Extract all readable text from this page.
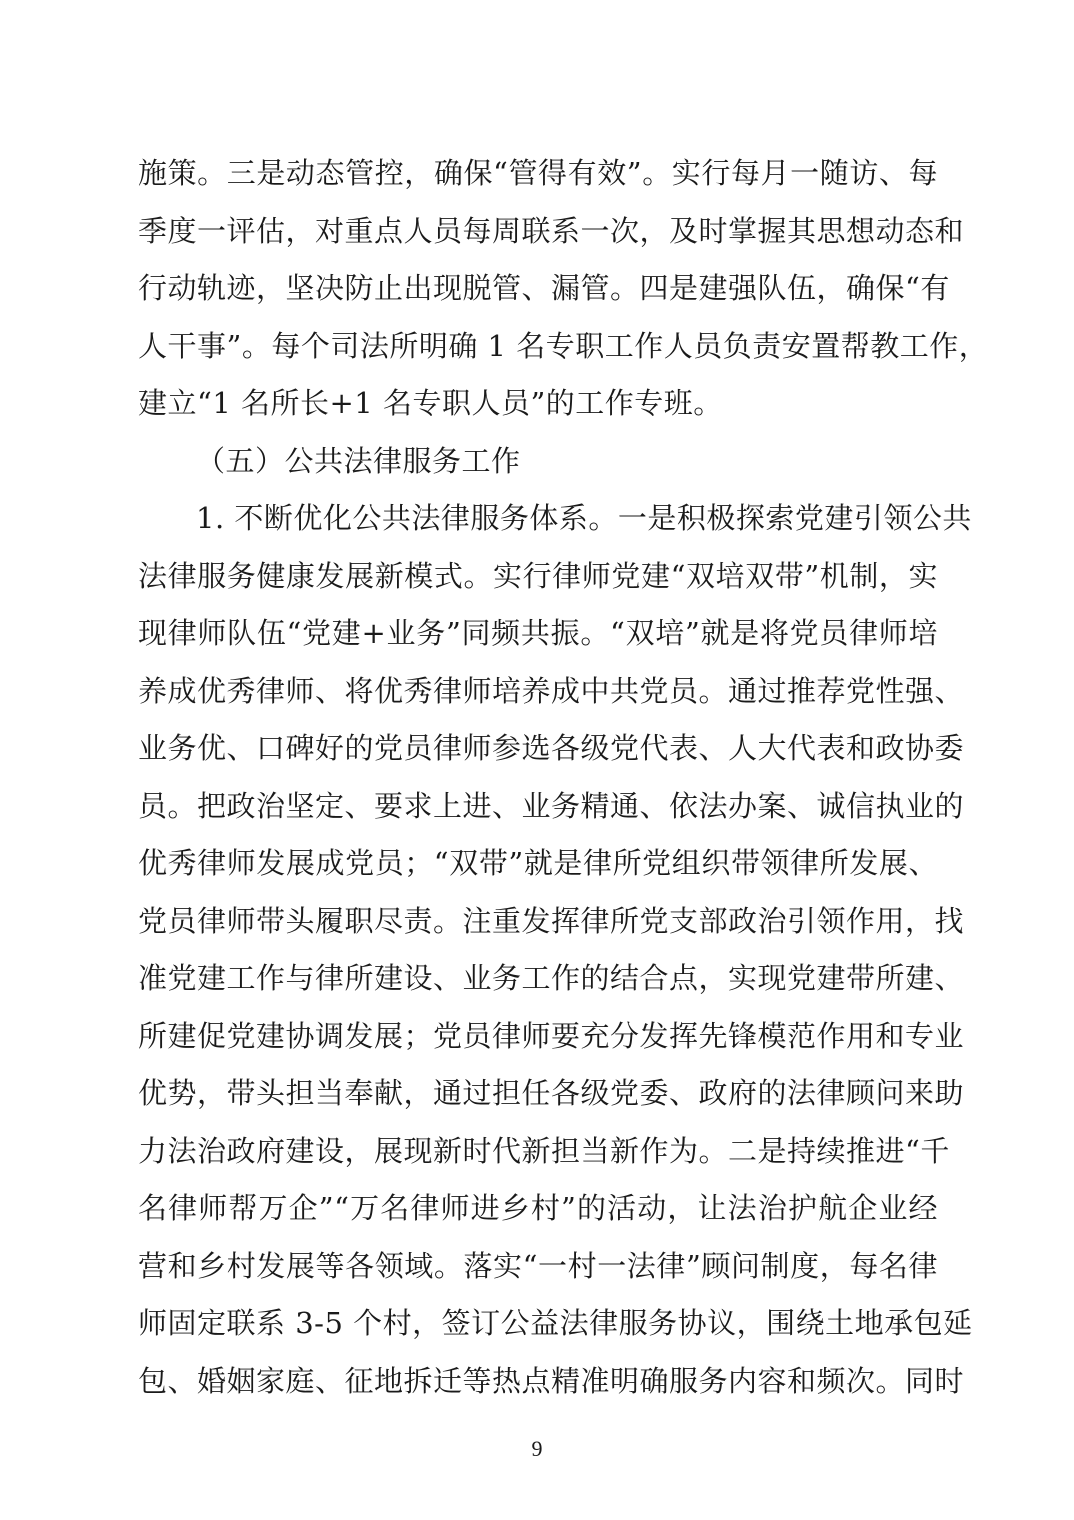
施策。三是动态管控，确保“管得有效”。实行每月一随访、每
季度一评估，对重点人员每周联系一次，及时掌握其思想动态和
行动轨迹，坚决防止出现脱管、漏管。四是建强队伍，确保“有
人干事”。每个司法所明确 1 名专职工作人员负责安置帮教工作，
建立“1 名所长+1 名专职人员”的工作专班。
（五）公共法律服务工作
1. 不断优化公共法律服务体系。一是积极探索党建引领公共
法律服务健康发展新模式。实行律师党建“双培双带”机制，实
现律师队伍“党建+业务”同频共振。“双培”就是将党员律师培
养成优秀律师、将优秀律师培养成中共党员。通过推荐党性强、
业务优、口碑好的党员律师参选各级党代表、人大代表和政协委
员。把政治坚定、要求上进、业务精通、依法办案、诚信执业的
优秀律师发展成党员；“双带”就是律所党组织带领律所发展、
党员律师带头履职尽责。注重发挥律所党支部政治引领作用，找
准党建工作与律所建设、业务工作的结合点，实现党建带所建、
所建促党建协调发展；党员律师要充分发挥先锋模范作用和专业
优势，带头担当奉献，通过担任各级党委、政府的法律顾问来助
力法治政府建设，展现新时代新担当新作为。二是持续推进“千
名律师帮万企”“万名律师进乡村”的活动，让法治护航企业经
营和乡村发展等各领域。落实“一村一法律”顾问制度，每名律
师固定联系 3-5 个村，签订公益法律服务协议，围绕土地承包延
包、婚姻家庭、征地拆迁等热点精准明确服务内容和频次。同时
9
